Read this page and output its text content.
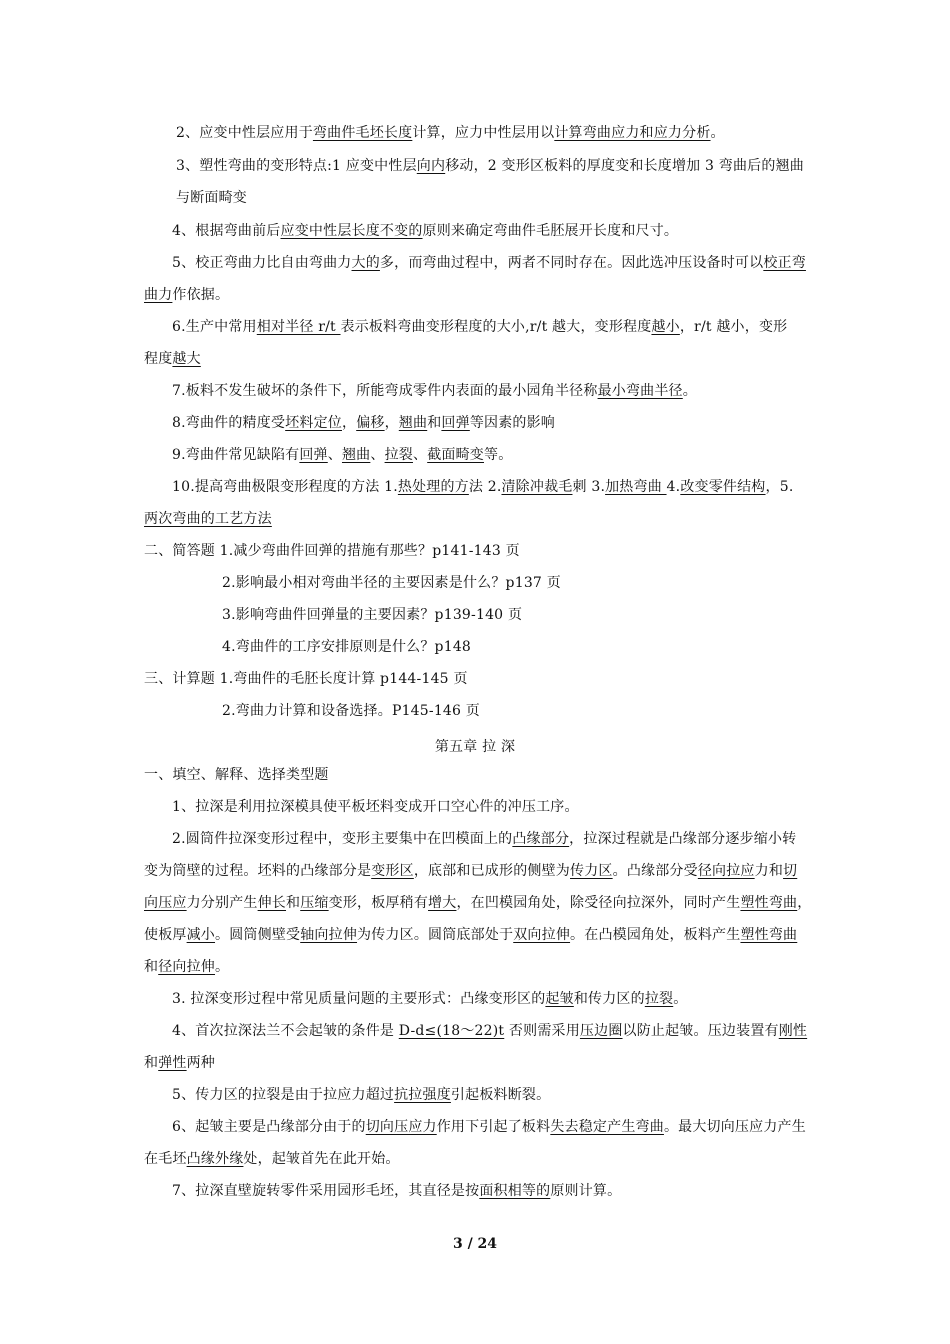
2、应变中性层应用于弯曲件毛坯长度计算，应力中性层用以计算弯曲应力和应力分析。
3、塑性弯曲的变形特点:1 应变中性层向内移动，2 变形区板料的厚度变和长度增加 3 弯曲后的翘曲
与断面畸变
4、根据弯曲前后应变中性层长度不变的原则来确定弯曲件毛胚展开长度和尺寸。
5、校正弯曲力比自由弯曲力大的多，而弯曲过程中，两者不同时存在。因此选冲压设备时可以校正弯
曲力作依据。
6.生产中常用相对半径 r/t 表示板料弯曲变形程度的大小,r/t 越大，变形程度越小，r/t 越小，变形
程度越大
7.板料不发生破坏的条件下，所能弯成零件内表面的最小园角半径称最小弯曲半径。
8.弯曲件的精度受坯料定位，偏移，翘曲和回弹等因素的影响
9.弯曲件常见缺陷有回弹、翘曲、拉裂、截面畸变等。
10.提高弯曲极限变形程度的方法 1.热处理的方法 2.清除冲裁毛刺 3.加热弯曲 4.改变零件结构，5.
两次弯曲的工艺方法
二、简答题 1.减少弯曲件回弹的措施有那些？p141-143 页
2.影响最小相对弯曲半径的主要因素是什么？p137 页
3.影响弯曲件回弹量的主要因素？p139-140 页
4.弯曲件的工序安排原则是什么？p148
三、计算题 1.弯曲件的毛胚长度计算 p144-145 页
2.弯曲力计算和设备选择。P145-146 页
一、填空、解释、选择类型题
1、拉深是利用拉深模具使平板坯料变成开口空心件的冲压工序。
2.圆筒件拉深变形过程中，变形主要集中在凹模面上的凸缘部分，拉深过程就是凸缘部分逐步缩小转
变为筒壁的过程。坯料的凸缘部分是变形区，底部和已成形的侧壁为传力区。凸缘部分受径向拉应力和切
向压应力分别产生伸长和压缩变形，板厚稍有增大，在凹模园角处，除受径向拉深外，同时产生塑性弯曲，
使板厚减小。圆筒侧壁受轴向拉伸为传力区。圆筒底部处于双向拉伸。在凸模园角处，板料产生塑性弯曲
和径向拉伸。
3. 拉深变形过程中常见质量问题的主要形式：凸缘变形区的起皱和传力区的拉裂。
4、首次拉深法兰不会起皱的条件是 D-d≤(18～22)t 否则需采用压边圈以防止起皱。压边装置有刚性
和弹性两种
5、传力区的拉裂是由于拉应力超过抗拉强度引起板料断裂。
6、起皱主要是凸缘部分由于的切向压应力作用下引起了板料失去稳定产生弯曲。最大切向压应力产生
在毛坯凸缘外缘处，起皱首先在此开始。
7、拉深直壁旋转零件采用园形毛坯，其直径是按面积相等的原则计算。
第五章 拉 深
3 / 24
